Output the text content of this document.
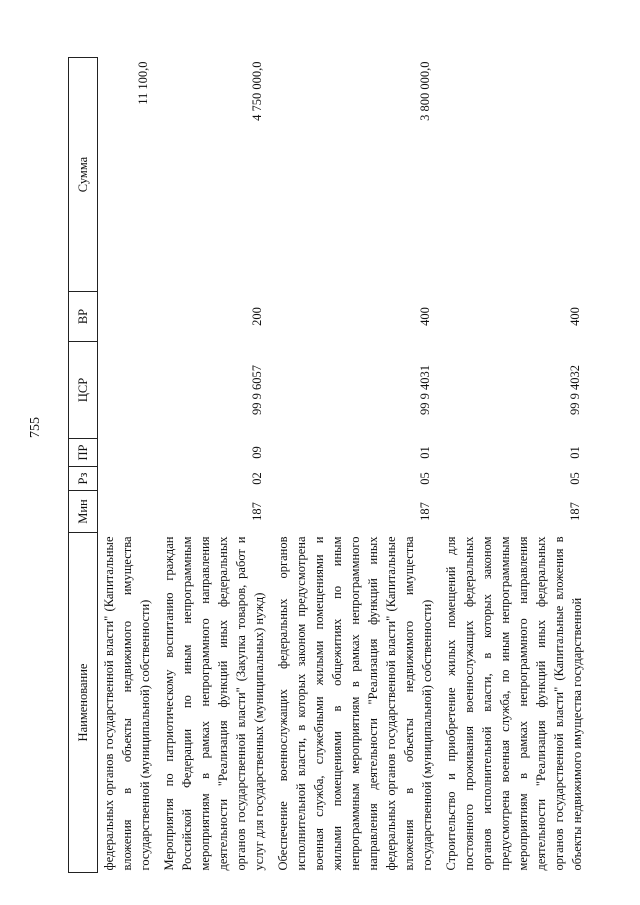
755
Наименование	Мин	Рз	ПР	ЦСР	ВР	Сумма
федеральных органов государственной власти" (Капитальные вложения в объекты недвижимого имущества государственной (муниципальной) собственности)						11 100,0
Мероприятия по патриотическому воспитанию граждан Российской Федерации по иным непрограммным мероприятиям в рамках непрограммного направления деятельности "Реализация функций иных федеральных органов государственной власти" (Закупка товаров, работ и услуг для государственных (муниципальных) нужд)	187	02	09	99 9 6057	200	4 750 000,0
Обеспечение военнослужащих федеральных органов исполнительной власти, в которых законом предусмотрена военная служба, служебными жилыми помещениями и жилыми помещениями в общежитиях по иным непрограммным мероприятиям в рамках непрограммного направления деятельности "Реализация функций иных федеральных органов государственной власти" (Капитальные вложения в объекты недвижимого имущества государственной (муниципальной) собственности)	187	05	01	99 9 4031	400	3 800 000,0
Строительство и приобретение жилых помещений для постоянного проживания военнослужащих федеральных органов исполнительной власти, в которых законом предусмотрена военная служба, по иным непрограммным мероприятиям в рамках непрограммного направления деятельности "Реализация функций иных федеральных органов государственной власти" (Капитальные вложения в объекты недвижимого имущества государственной	187	05	01	99 9 4032	400	
